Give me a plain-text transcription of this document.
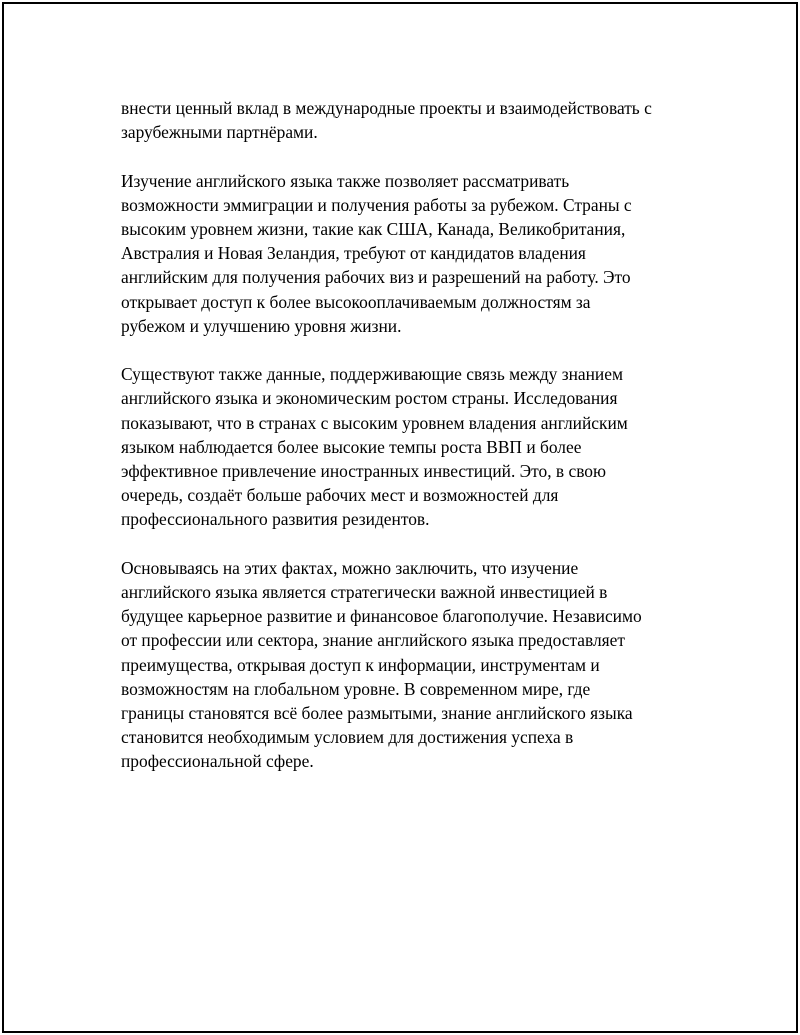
внести ценный вклад в международные проекты и взаимодействовать с
зарубежными партнёрами.

Изучение английского языка также позволяет рассматривать
возможности эммиграции и получения работы за рубежом. Страны с
высоким уровнем жизни, такие как США, Канада, Великобритания,
Австралия и Новая Зеландия, требуют от кандидатов владения
английским для получения рабочих виз и разрешений на работу. Это
открывает доступ к более высокооплачиваемым должностям за
рубежом и улучшению уровня жизни.

Существуют также данные, поддерживающие связь между знанием
английского языка и экономическим ростом страны. Исследования
показывают, что в странах с высоким уровнем владения английским
языком наблюдается более высокие темпы роста ВВП и более
эффективное привлечение иностранных инвестиций. Это, в свою
очередь, создаёт больше рабочих мест и возможностей для
профессионального развития резидентов.

Основываясь на этих фактах, можно заключить, что изучение
английского языка является стратегически важной инвестицией в
будущее карьерное развитие и финансовое благополучие. Независимо
от профессии или сектора, знание английского языка предоставляет
преимущества, открывая доступ к информации, инструментам и
возможностям на глобальном уровне. В современном мире, где
границы становятся всё более размытыми, знание английского языка
становится необходимым условием для достижения успеха в
профессиональной сфере.
